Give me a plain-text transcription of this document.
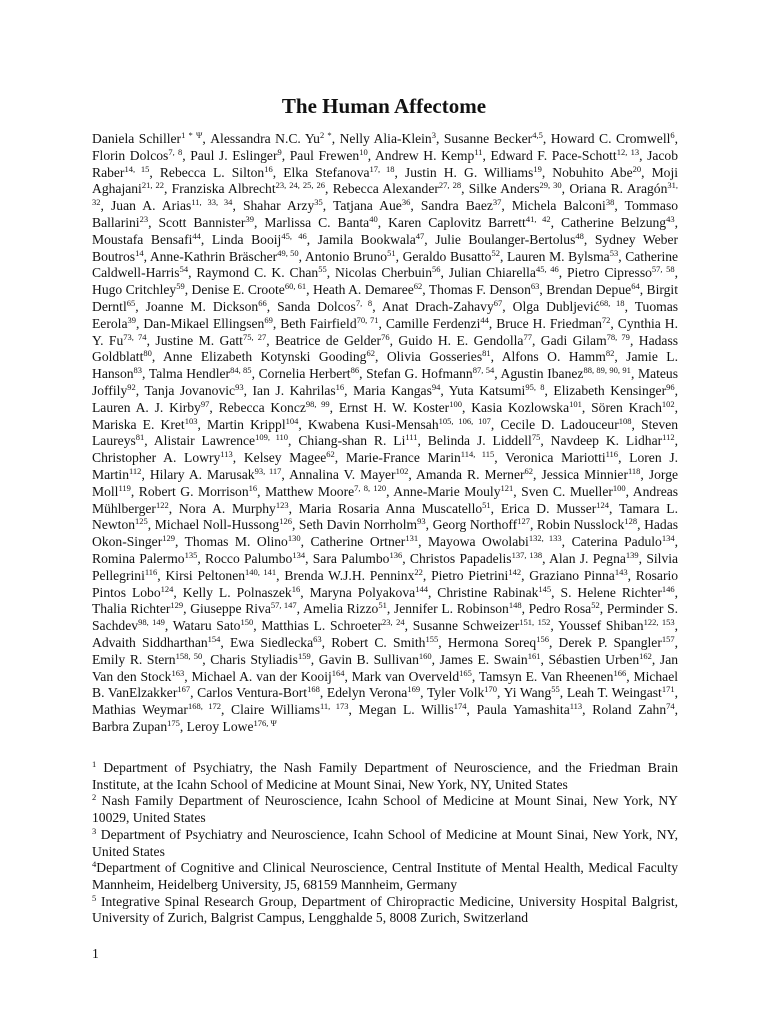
The Human Affectome

Daniela Schiller$^{1 * \Psi}$, Alessandra N.C. $Yu^{2 *}$, Nelly Alia-Klein$^3$, Susanne Becker$^{4,5}$, Howard C. Cromwell$^6$, Florin Dolcos$^{7, 8}$, Paul J. Eslinger$^9$, Paul Frewen$^{10}$, Andrew H. Kemp$^{11}$, Edward F. Pace-Schott$^{12, 13}$, Jacob Raber$^{14, 15}$, Rebecca L. Silton$^{16}$, Elka Stefanova$^{17, 18}$, Justin H. G. Williams$^{19}$, Nobuhito Abe$^{20}$, Moji Aghajani$^{21, 22}$, Franziska Albrecht$^{23, 24, 25, 26}$, Rebecca Alexander$^{27, 28}$, Silke Anders$^{29, 30}$, Oriana R. Aragón$^{31, 32}$, Juan A. Arias$^{11, 33, 34}$, Shahar Arzy$^{35}$, Tatjana Aue$^{36}$, Sandra Baez$^{37}$, Michela Balconi$^{38}$, Tommaso Ballarini$^{23}$, Scott Bannister$^{39}$, Marlissa C. Banta$^{40}$, Karen Caplovitz Barrett$^{41, 42}$, Catherine Belzung$^{43}$, Moustafa Bensafi$^{44}$, Linda Booij$^{45, 46}$, Jamila Bookwala$^{47}$, Julie Boulanger-Bertolus$^{48}$, Sydney Weber Boutros$^{14}$, Anne-Kathrin Bräscher$^{49, 50}$, Antonio Bruno$^{51}$, Geraldo Busatto$^{52}$, Lauren M. Bylsma$^{53}$, Catherine Caldwell-Harris$^{54}$, Raymond C. K. Chan$^{55}$, Nicolas Cherbuin$^{56}$, Julian Chiarella$^{45, 46}$, Pietro Cipresso$^{57, 58}$, Hugo Critchley$^{59}$, Denise E. Croote$^{60, 61}$, Heath A. Demaree$^{62}$, Thomas F. Denson$^{63}$, Brendan Depue$^{64}$, Birgit Derntl$^{65}$, Joanne M. Dickson$^{66}$, Sanda Dolcos$^{7, 8}$, Anat Drach-Zahavy$^{67}$, Olga Dubljević$^{68, 18}$, Tuomas Eerola$^{39}$, Dan-Mikael Ellingsen$^{69}$, Beth Fairfield$^{70, 71}$, Camille Ferdenzi$^{44}$, Bruce H. Friedman$^{72}$, Cynthia H. Y. Fu$^{73, 74}$, Justine M. Gatt$^{75, 27}$, Beatrice de Gelder$^{76}$, Guido H. E. Gendolla$^{77}$, Gadi Gilam$^{78, 79}$, Hadass Goldblatt$^{80}$, Anne Elizabeth Kotynski Gooding$^{62}$, Olivia Gosseries$^{81}$, Alfons O. Hamm$^{82}$, Jamie L. Hanson$^{83}$, Talma Hendler$^{84, 85}$, Cornelia Herbert$^{86}$, Stefan G. Hofmann$^{87, 54}$, Agustin Ibanez$^{88, 89, 90, 91}$, Mateus Joffily$^{92}$, Tanja Jovanovic$^{93}$, Ian J. Kahrilas$^{16}$, Maria Kangas$^{94}$, Yuta Katsumi$^{95, 8}$, Elizabeth Kensinger$^{96}$, Lauren A. J. Kirby$^{97}$, Rebecca Koncz$^{98, 99}$, Ernst H. W. Koster$^{100}$, Kasia Kozlowska$^{101}$, Sören Krach$^{102}$, Mariska E. Kret$^{103}$, Martin Krippl$^{104}$, Kwabena Kusi-Mensah$^{105, 106, 107}$, Cecile D. Ladouceur$^{108}$, Steven Laureys$^{81}$, Alistair Lawrence$^{109, 110}$, Chiang-shan R. Li$^{111}$, Belinda J. Liddell$^{75}$, Navdeep K. Lidhar$^{112}$, Christopher A. Lowry$^{113}$, Kelsey Magee$^{62}$, Marie-France Marin$^{114, 115}$, Veronica Mariotti$^{116}$, Loren J. Martin$^{112}$, Hilary A. Marusak$^{93, 117}$, Annalina V. Mayer$^{102}$, Amanda R. Merner$^{62}$, Jessica Minnier$^{118}$, Jorge Moll$^{119}$, Robert G. Morrison$^{16}$, Matthew Moore$^{7, 8, 120}$, Anne-Marie Mouly$^{121}$, Sven C. Mueller$^{100}$, Andreas Mühlberger$^{122}$, Nora A. Murphy$^{123}$, Maria Rosaria Anna Muscatello$^{51}$, Erica D. Musser$^{124}$, Tamara L. Newton$^{125}$, Michael Noll-Hussong$^{126}$, Seth Davin Norrholm$^{93}$, Georg Northoff$^{127}$, Robin Nusslock$^{128}$, Hadas Okon-Singer$^{129}$, Thomas M. Olino$^{130}$, Catherine Ortner$^{131}$, Mayowa Owolabi$^{132, 133}$, Caterina Padulo$^{134}$, Romina Palermo$^{135}$, Rocco Palumbo$^{134}$, Sara Palumbo$^{136}$, Christos Papadelis$^{137, 138}$, Alan J. Pegna$^{139}$, Silvia Pellegrini$^{116}$, Kirsi Peltonen$^{140, 141}$, Brenda W.J.H. Penninx$^{22}$, Pietro Pietrini$^{142}$, Graziano Pinna$^{143}$, Rosario Pintos Lobo$^{124}$, Kelly L. Polnaszek$^{16}$, Maryna Polyakova$^{144}$, Christine Rabinak$^{145}$, S. Helene Richter$^{146}$, Thalia Richter$^{129}$, Giuseppe Riva$^{57, 147}$, Amelia Rizzo$^{51}$, Jennifer L. Robinson$^{148}$, Pedro Rosa$^{52}$, Perminder S. Sachdev$^{98, 149}$, Wataru Sato$^{150}$, Matthias L. Schroeter$^{23, 24}$, Susanne Schweizer$^{151, 152}$, Youssef Shiban$^{122, 153}$, Advaith Siddharthan$^{154}$, Ewa Siedlecka$^{63}$, Robert C. Smith$^{155}$, Hermona Soreq$^{156}$, Derek P. Spangler$^{157}$, Emily R. Stern$^{158, 50}$, Charis Styliadis$^{159}$, Gavin B. Sullivan$^{160}$, James E. Swain$^{161}$, Sébastien Urben$^{162}$, Jan Van den Stock$^{163}$, Michael A. van der Kooij$^{164}$, Mark van Overveld$^{165}$, Tamsyn E. Van Rheenen$^{166}$, Michael B. VanElzakker$^{167}$, Carlos Ventura-Bort$^{168}$, Edelyn Verona$^{169}$, Tyler Volk$^{170}$, Yi Wang$^{55}$, Leah T. Weingast$^{171}$, Mathias Weymar$^{168, 172}$, Claire Williams$^{11, 173}$, Megan L. Willis$^{174}$, Paula Yamashita$^{113}$, Roland Zahn$^{74}$, Barbra Zupan$^{175}$, Leroy Lowe$^{176, \Psi}$

$^1$ Department of Psychiatry, the Nash Family Department of Neuroscience, and the Friedman Brain Institute, at the Icahn School of Medicine at Mount Sinai, New York, NY, United States

$^2$ Nash Family Department of Neuroscience, Icahn School of Medicine at Mount Sinai, New York, NY 10029, United States

$^3$ Department of Psychiatry and Neuroscience, Icahn School of Medicine at Mount Sinai, New York, NY, United States

$^4$Department of Cognitive and Clinical Neuroscience, Central Institute of Mental Health, Medical Faculty Mannheim, Heidelberg University, J5, 68159 Mannheim, Germany

$^5$ Integrative Spinal Research Group, Department of Chiropractic Medicine, University Hospital Balgrist, University of Zurich, Balgrist Campus, Lengghalde 5, 8008 Zurich, Switzerland

1
